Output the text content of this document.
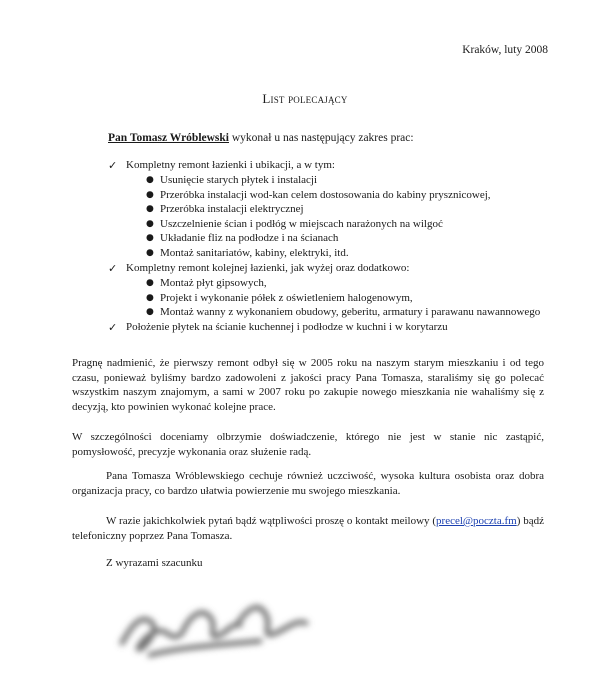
Kraków, luty 2008
List polecający
Pan Tomasz Wróblewski wykonał u nas następujący zakres prac:
✓ Kompletny remont łazienki i ubikacji, a w tym:
● Usunięcie starych płytek i instalacji
● Przeróbka instalacji wod-kan celem dostosowania do kabiny prysznicowej,
● Przeróbka instalacji elektrycznej
● Uszczelnienie ścian i podłóg w miejscach narażonych na wilgoć
● Układanie fliz na podłodze i na ścianach
● Montaż sanitariatów, kabiny, elektryki, itd.
✓ Kompletny remont kolejnej łazienki, jak wyżej oraz dodatkowo:
● Montaż płyt gipsowych,
● Projekt i wykonanie półek z oświetleniem halogenowym,
● Montaż wanny z wykonaniem obudowy, geberitu, armatury i parawanu nawannowego
✓ Położenie płytek na ścianie kuchennej i podłodze w kuchni i w korytarzu
Pragnę nadmienić, że pierwszy remont odbył się w 2005 roku na naszym starym mieszkaniu i od tego czasu, ponieważ byliśmy bardzo zadowoleni z jakości pracy Pana Tomasza, staraliśmy się go polecać wszystkim naszym znajomym, a sami w 2007 roku po zakupie nowego mieszkania nie wahaliśmy się z decyzją, kto powinien wykonać kolejne prace.
W szczególności doceniamy olbrzymie doświadczenie, którego nie jest w stanie nic zastąpić, pomysłowość, precyzje wykonania oraz służenie radą.
Pana Tomasza Wróblewskiego cechuje również uczciwość, wysoka kultura osobista oraz dobra organizacja pracy, co bardzo ułatwia powierzenie mu swojego mieszkania.
W razie jakichkolwiek pytań bądź wątpliwości proszę o kontakt meilowy (precel@poczta.fm) bądź telefoniczny poprzez Pana Tomasza.
Z wyrazami szacunku
